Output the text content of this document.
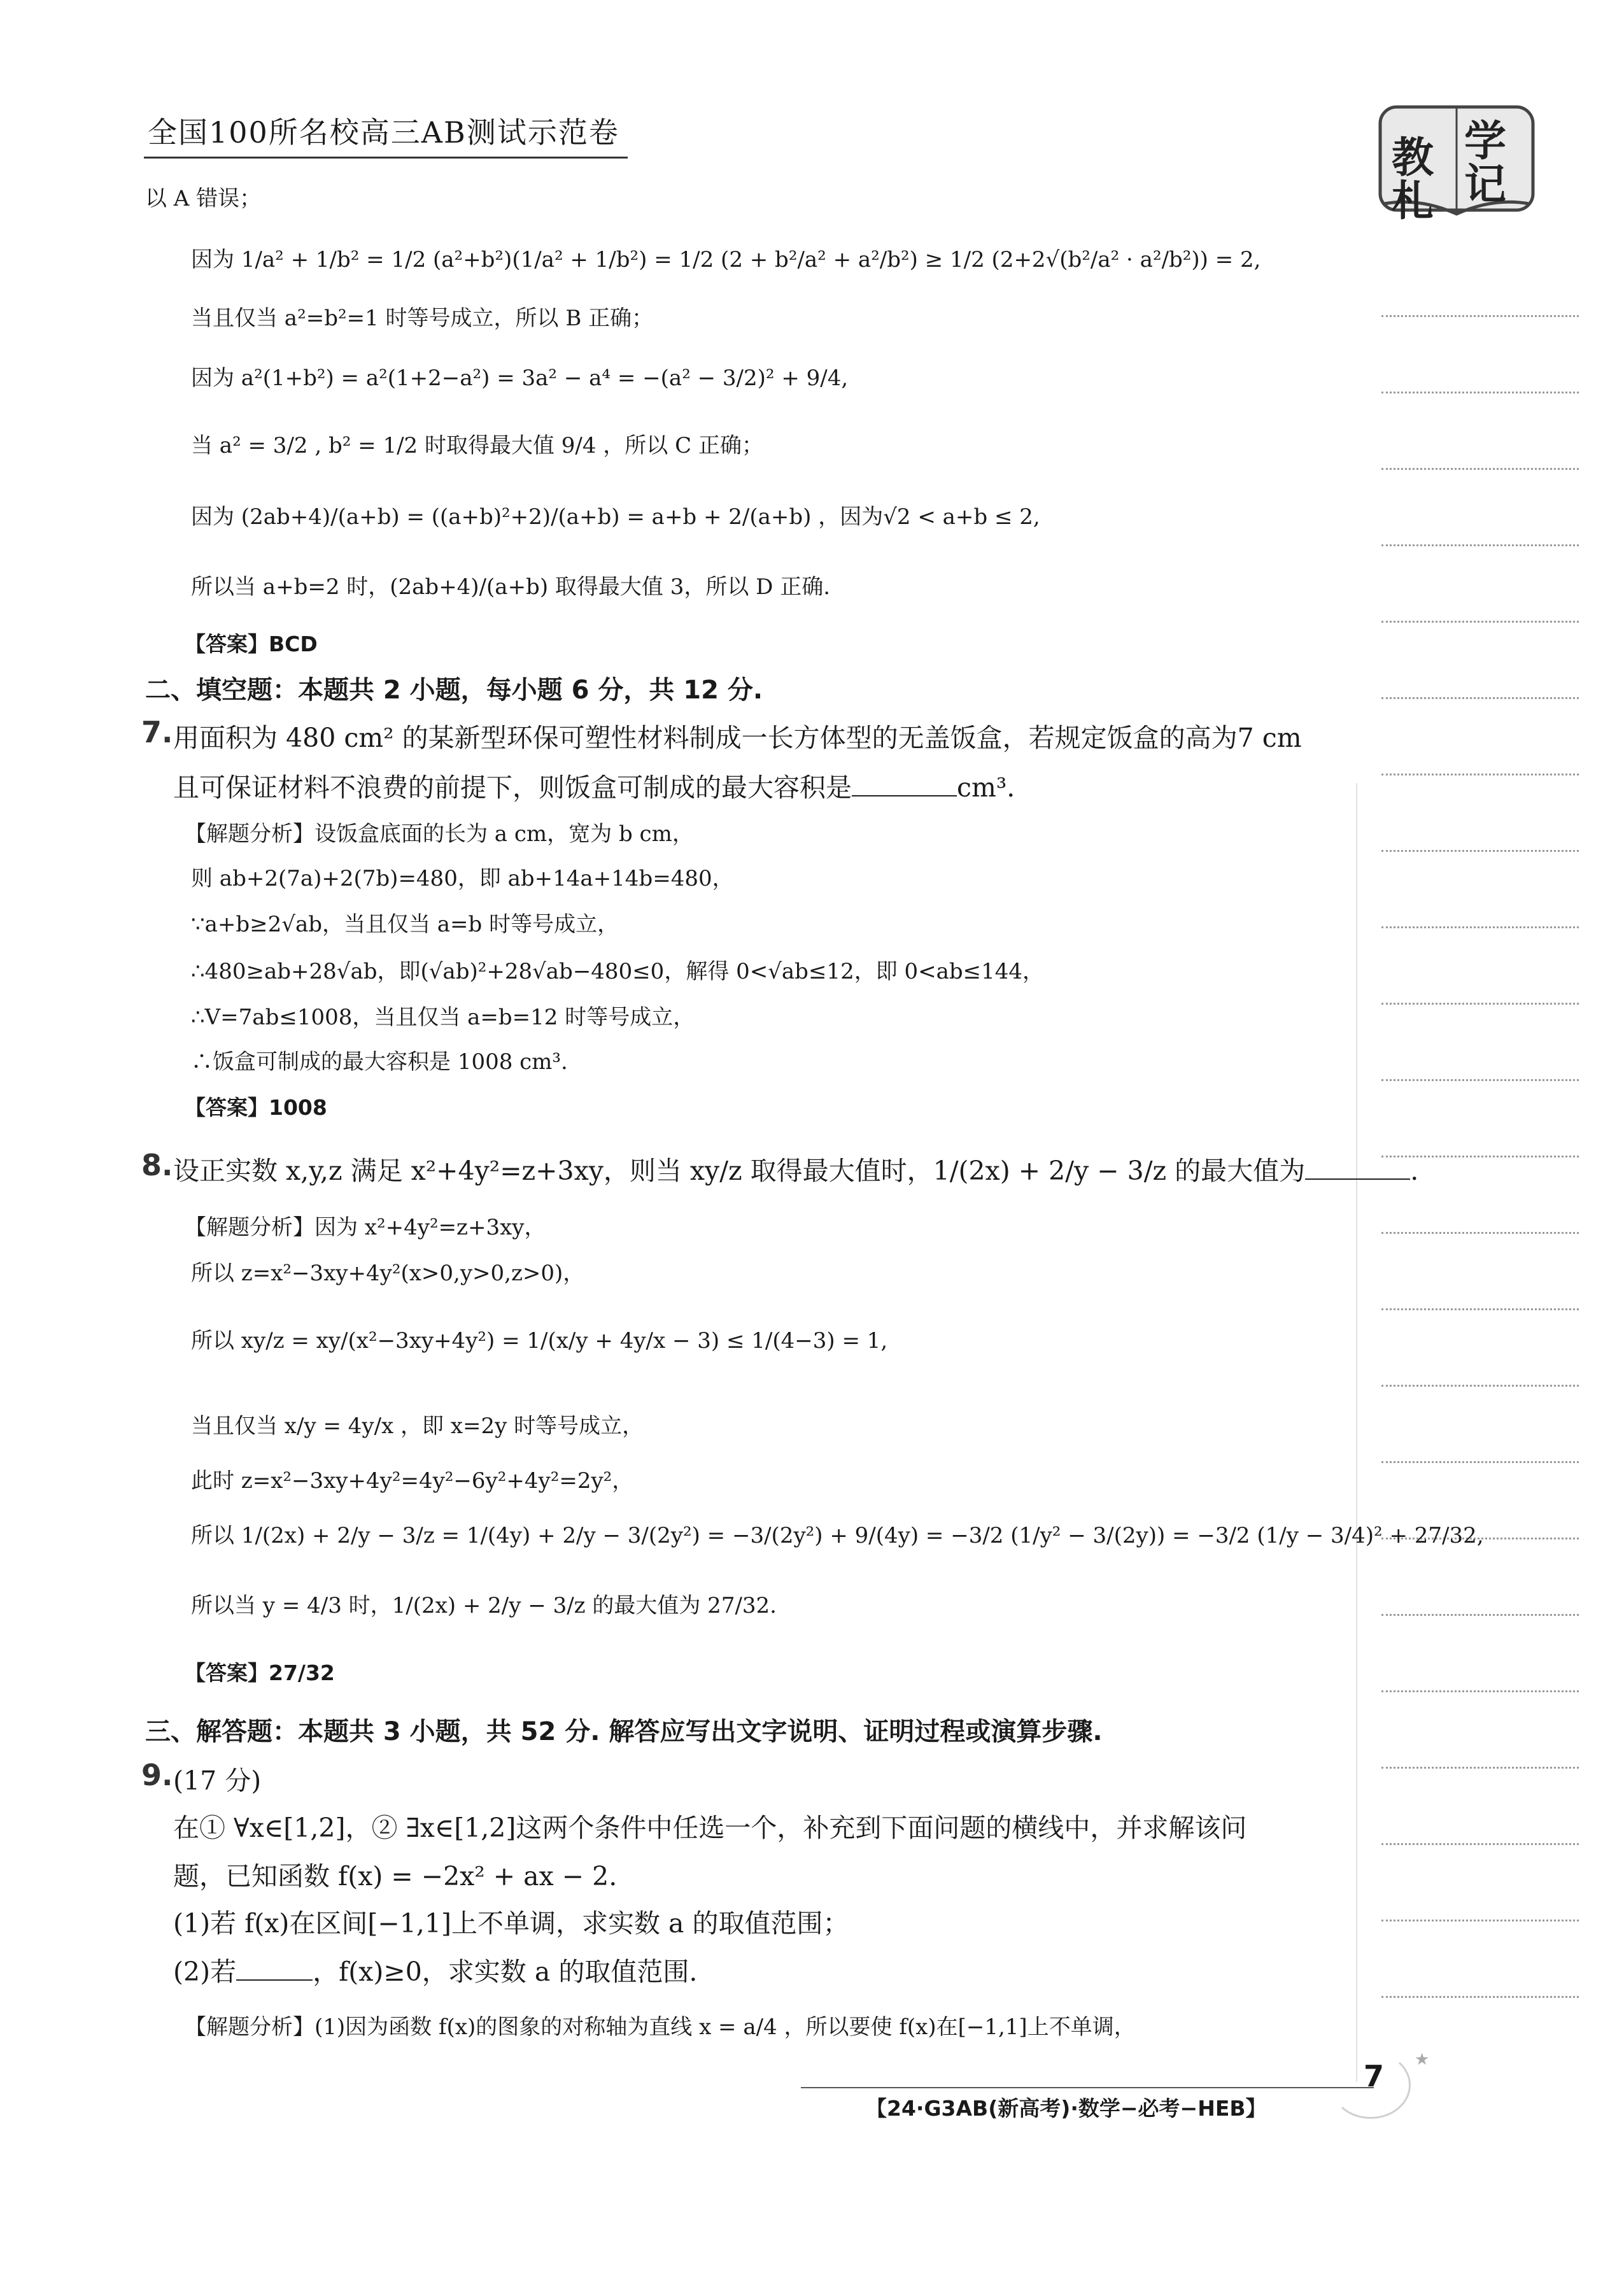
全国100所名校高三AB测试示范卷	教 学
札 记
以 A 错误；
因为 1/a² + 1/b² = 1/2 (a²+b²)(1/a² + 1/b²) = 1/2 (2 + b²/a² + a²/b²) ≥ 1/2 (2+2√(b²/a² · a²/b²)) = 2,
当且仅当 a²=b²=1 时等号成立，所以 B 正确；
因为 a²(1+b²) = a²(1+2−a²) = 3a² − a⁴ = −(a² − 3/2)² + 9/4,
当 a² = 3/2 , b² = 1/2 时取得最大值 9/4 ，所以 C 正确；
因为 (2ab+4)/(a+b) = ((a+b)²+2)/(a+b) = a+b + 2/(a+b) ，因为√2 < a+b ≤ 2,
所以当 a+b=2 时，(2ab+4)/(a+b) 取得最大值 3，所以 D 正确.
【答案】BCD
二、填空题：本题共 2 小题，每小题 6 分，共 12 分.
7. 用面积为 480 cm² 的某新型环保可塑性材料制成一长方体型的无盖饭盒，若规定饭盒的高为7 cm
且可保证材料不浪费的前提下，则饭盒可制成的最大容积是	cm³.
【解题分析】设饭盒底面的长为 a cm，宽为 b cm，
则 ab+2(7a)+2(7b)=480，即 ab+14a+14b=480，
∵a+b≥2√ab，当且仅当 a=b 时等号成立，
∴480≥ab+28√ab，即(√ab)²+28√ab−480≤0，解得 0<√ab≤12，即 0<ab≤144，
∴V=7ab≤1008，当且仅当 a=b=12 时等号成立，
∴饭盒可制成的最大容积是 1008 cm³.
【答案】1008
8. 设正实数 x,y,z 满足 x²+4y²=z+3xy，则当 xy/z 取得最大值时，1/(2x) + 2/y − 3/z 的最大值为	.
【解题分析】因为 x²+4y²=z+3xy，
所以 z=x²−3xy+4y²(x>0,y>0,z>0)，
所以 xy/z = xy/(x²−3xy+4y²) = 1/(x/y + 4y/x − 3) ≤ 1/(4−3) = 1,
当且仅当 x/y = 4y/x ，即 x=2y 时等号成立，
此时 z=x²−3xy+4y²=4y²−6y²+4y²=2y²，
所以 1/(2x) + 2/y − 3/z = 1/(4y) + 2/y − 3/(2y²) = −3/(2y²) + 9/(4y) = −3/2 (1/y² − 3/(2y)) = −3/2 (1/y − 3/4)² + 27/32,
所以当 y = 4/3 时，1/(2x) + 2/y − 3/z 的最大值为 27/32.
【答案】27/32
三、解答题：本题共 3 小题，共 52 分. 解答应写出文字说明、证明过程或演算步骤.
9. (17 分)
在① ∀x∈[1,2]，② ∃x∈[1,2]这两个条件中任选一个，补充到下面问题的横线中，并求解该问
题，已知函数 f(x) = −2x² + ax − 2.
(1)若 f(x)在区间[−1,1]上不单调，求实数 a 的取值范围；
(2)若	，f(x)≥0，求实数 a 的取值范围.
【解题分析】(1)因为函数 f(x)的图象的对称轴为直线 x = a/4 ，所以要使 f(x)在[−1,1]上不单调，
【24·G3AB(新高考)·数学−必考−HEB】
★
7
